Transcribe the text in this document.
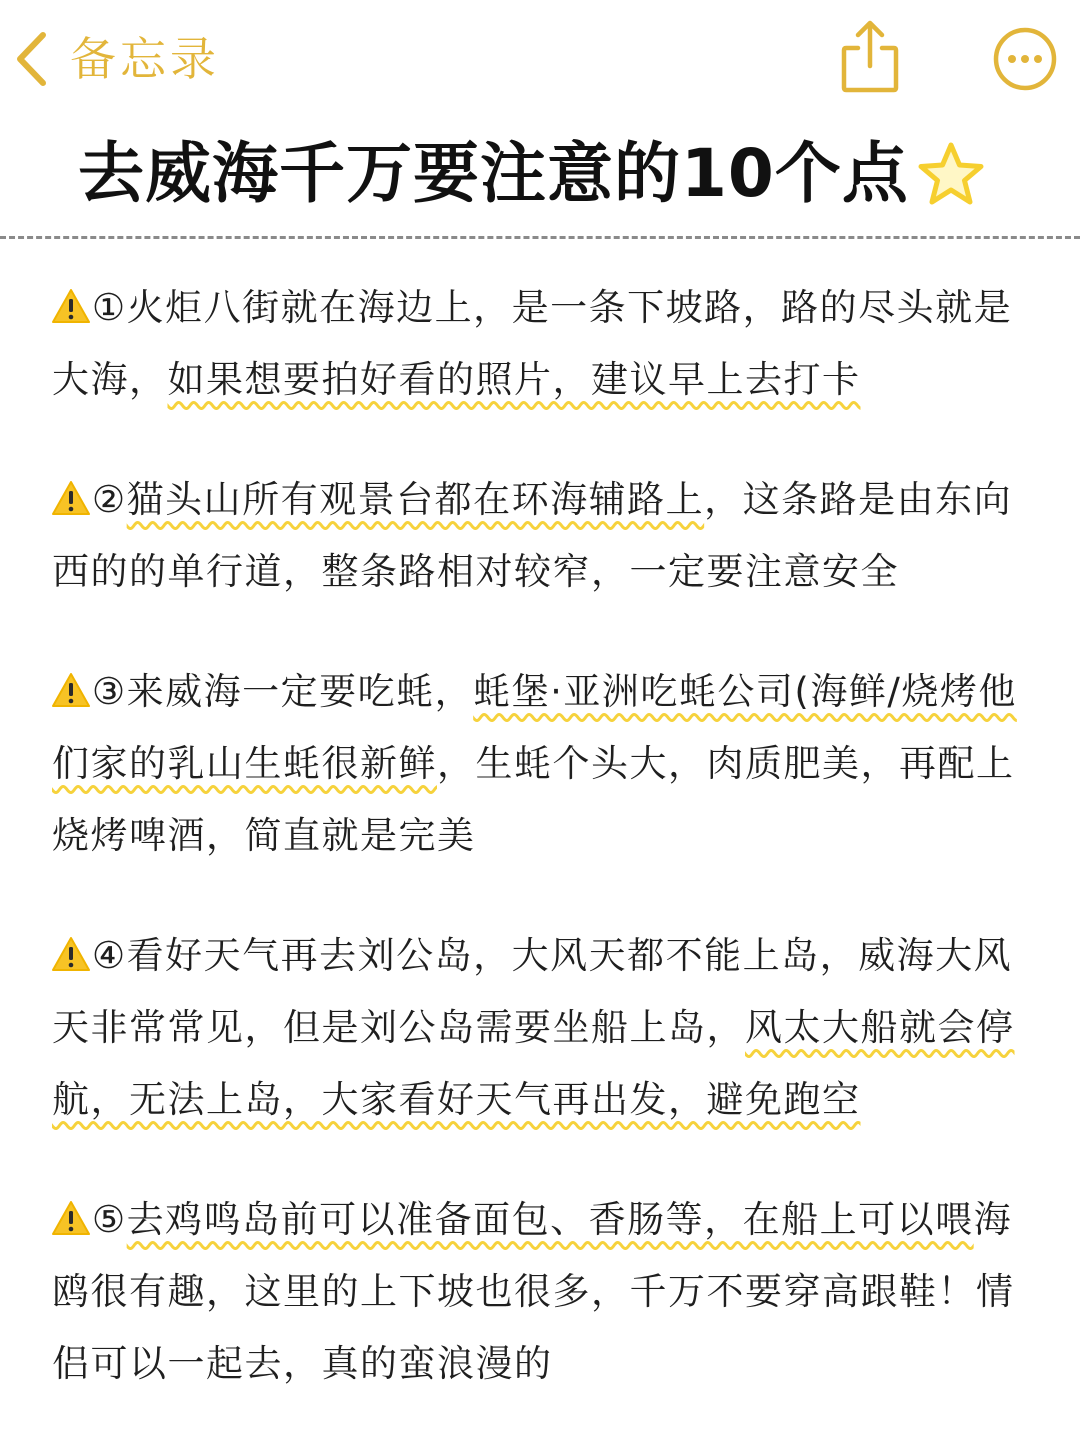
备忘录
去威海千万要注意的10个点

①火炬八街就在海边上，是一条下坡路，路的尽头就是大海，如果想要拍好看的照片，建议早上去打卡

②猫头山所有观景台都在环海辅路上，这条路是由东向西的的单行道，整条路相对较窄，一定要注意安全

③来威海一定要吃蚝，蚝堡·亚洲吃蚝公司(海鲜/烧烤他们家的乳山生蚝很新鲜，生蚝个头大，肉质肥美，再配上烧烤啤酒，简直就是完美

④看好天气再去刘公岛，大风天都不能上岛，威海大风天非常常见，但是刘公岛需要坐船上岛，风太大船就会停航，无法上岛，大家看好天气再出发，避免跑空

⑤去鸡鸣岛前可以准备面包、香肠等，在船上可以喂海鸥很有趣，这里的上下坡也很多，千万不要穿高跟鞋！情侣可以一起去，真的蛮浪漫的
